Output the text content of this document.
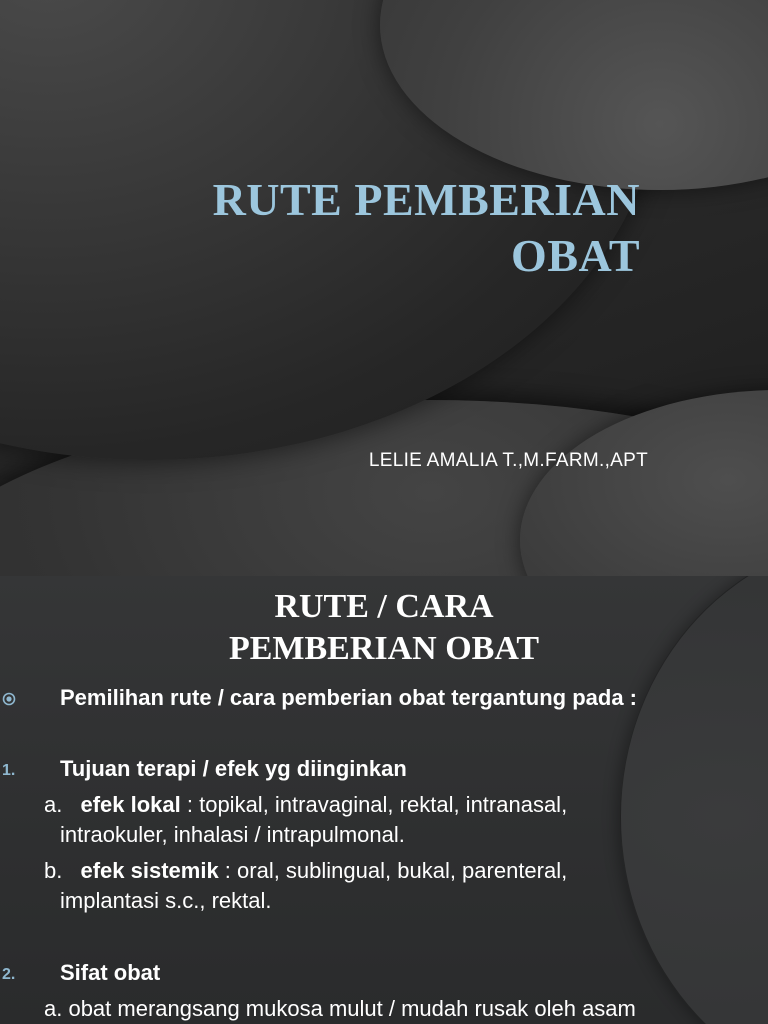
RUTE PEMBERIAN
OBAT
LELIE AMALIA T.,M.FARM.,APT
RUTE / CARA
PEMBERIAN OBAT
Pemilihan rute / cara pemberian obat tergantung pada :
1. Tujuan terapi / efek yg diinginkan
a. efek lokal : topikal, intravaginal, rektal, intranasal,
intraokuler, inhalasi / intrapulmonal.
b. efek sistemik : oral, sublingual, bukal, parenteral,
implantasi s.c., rektal.
2. Sifat obat
a. obat merangsang mukosa mulut / mudah rusak oleh asam
